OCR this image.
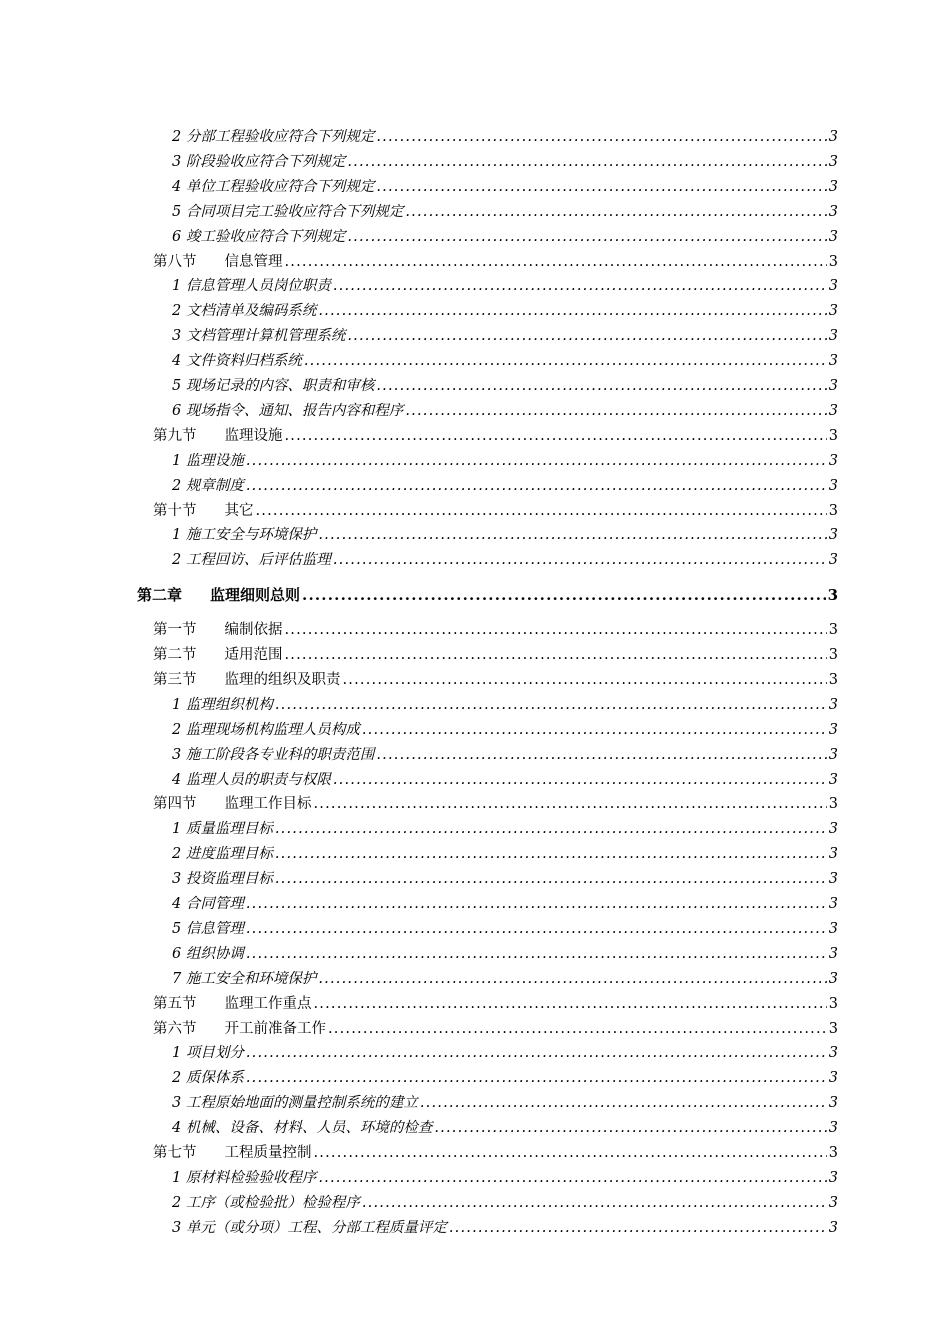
2 分部工程验收应符合下列规定 .....	3
3 阶段验收应符合下列规定 .....	3
4 单位工程验收应符合下列规定 .....	3
5 合同项目完工验收应符合下列规定 .....	3
6 竣工验收应符合下列规定 .....	3
第八节 信息管理 .....	3
1 信息管理人员岗位职责 .....	3
2 文档清单及编码系统 .....	3
3 文档管理计算机管理系统 .....	3
4 文件资料归档系统 .....	3
5 现场记录的内容、职责和审核 .....	3
6 现场指令、通知、报告内容和程序 .....	3
第九节 监理设施 .....	3
1 监理设施 .....	3
2 规章制度 .....	3
第十节 其它 .....	3
1 施工安全与环境保护 .....	3
2 工程回访、后评估监理 .....	3
第二章 监理细则总则 .....	3
第一节 编制依据 .....	3
第二节 适用范围 .....	3
第三节 监理的组织及职责 .....	3
1 监理组织机构 .....	3
2 监理现场机构监理人员构成 .....	3
3 施工阶段各专业科的职责范围 .....	3
4 监理人员的职责与权限 .....	3
第四节 监理工作目标 .....	3
1 质量监理目标 .....	3
2 进度监理目标 .....	3
3 投资监理目标 .....	3
4 合同管理 .....	3
5 信息管理 .....	3
6 组织协调 .....	3
7 施工安全和环境保护 .....	3
第五节 监理工作重点 .....	3
第六节 开工前准备工作 .....	3
1 项目划分 .....	3
2 质保体系 .....	3
3 工程原始地面的测量控制系统的建立 .....	3
4 机械、设备、材料、人员、环境的检查 .....	3
第七节 工程质量控制 .....	3
1 原材料检验验收程序 .....	3
2 工序（或检验批）检验程序 .....	3
3 单元（或分项）工程、分部工程质量评定 .....	3
